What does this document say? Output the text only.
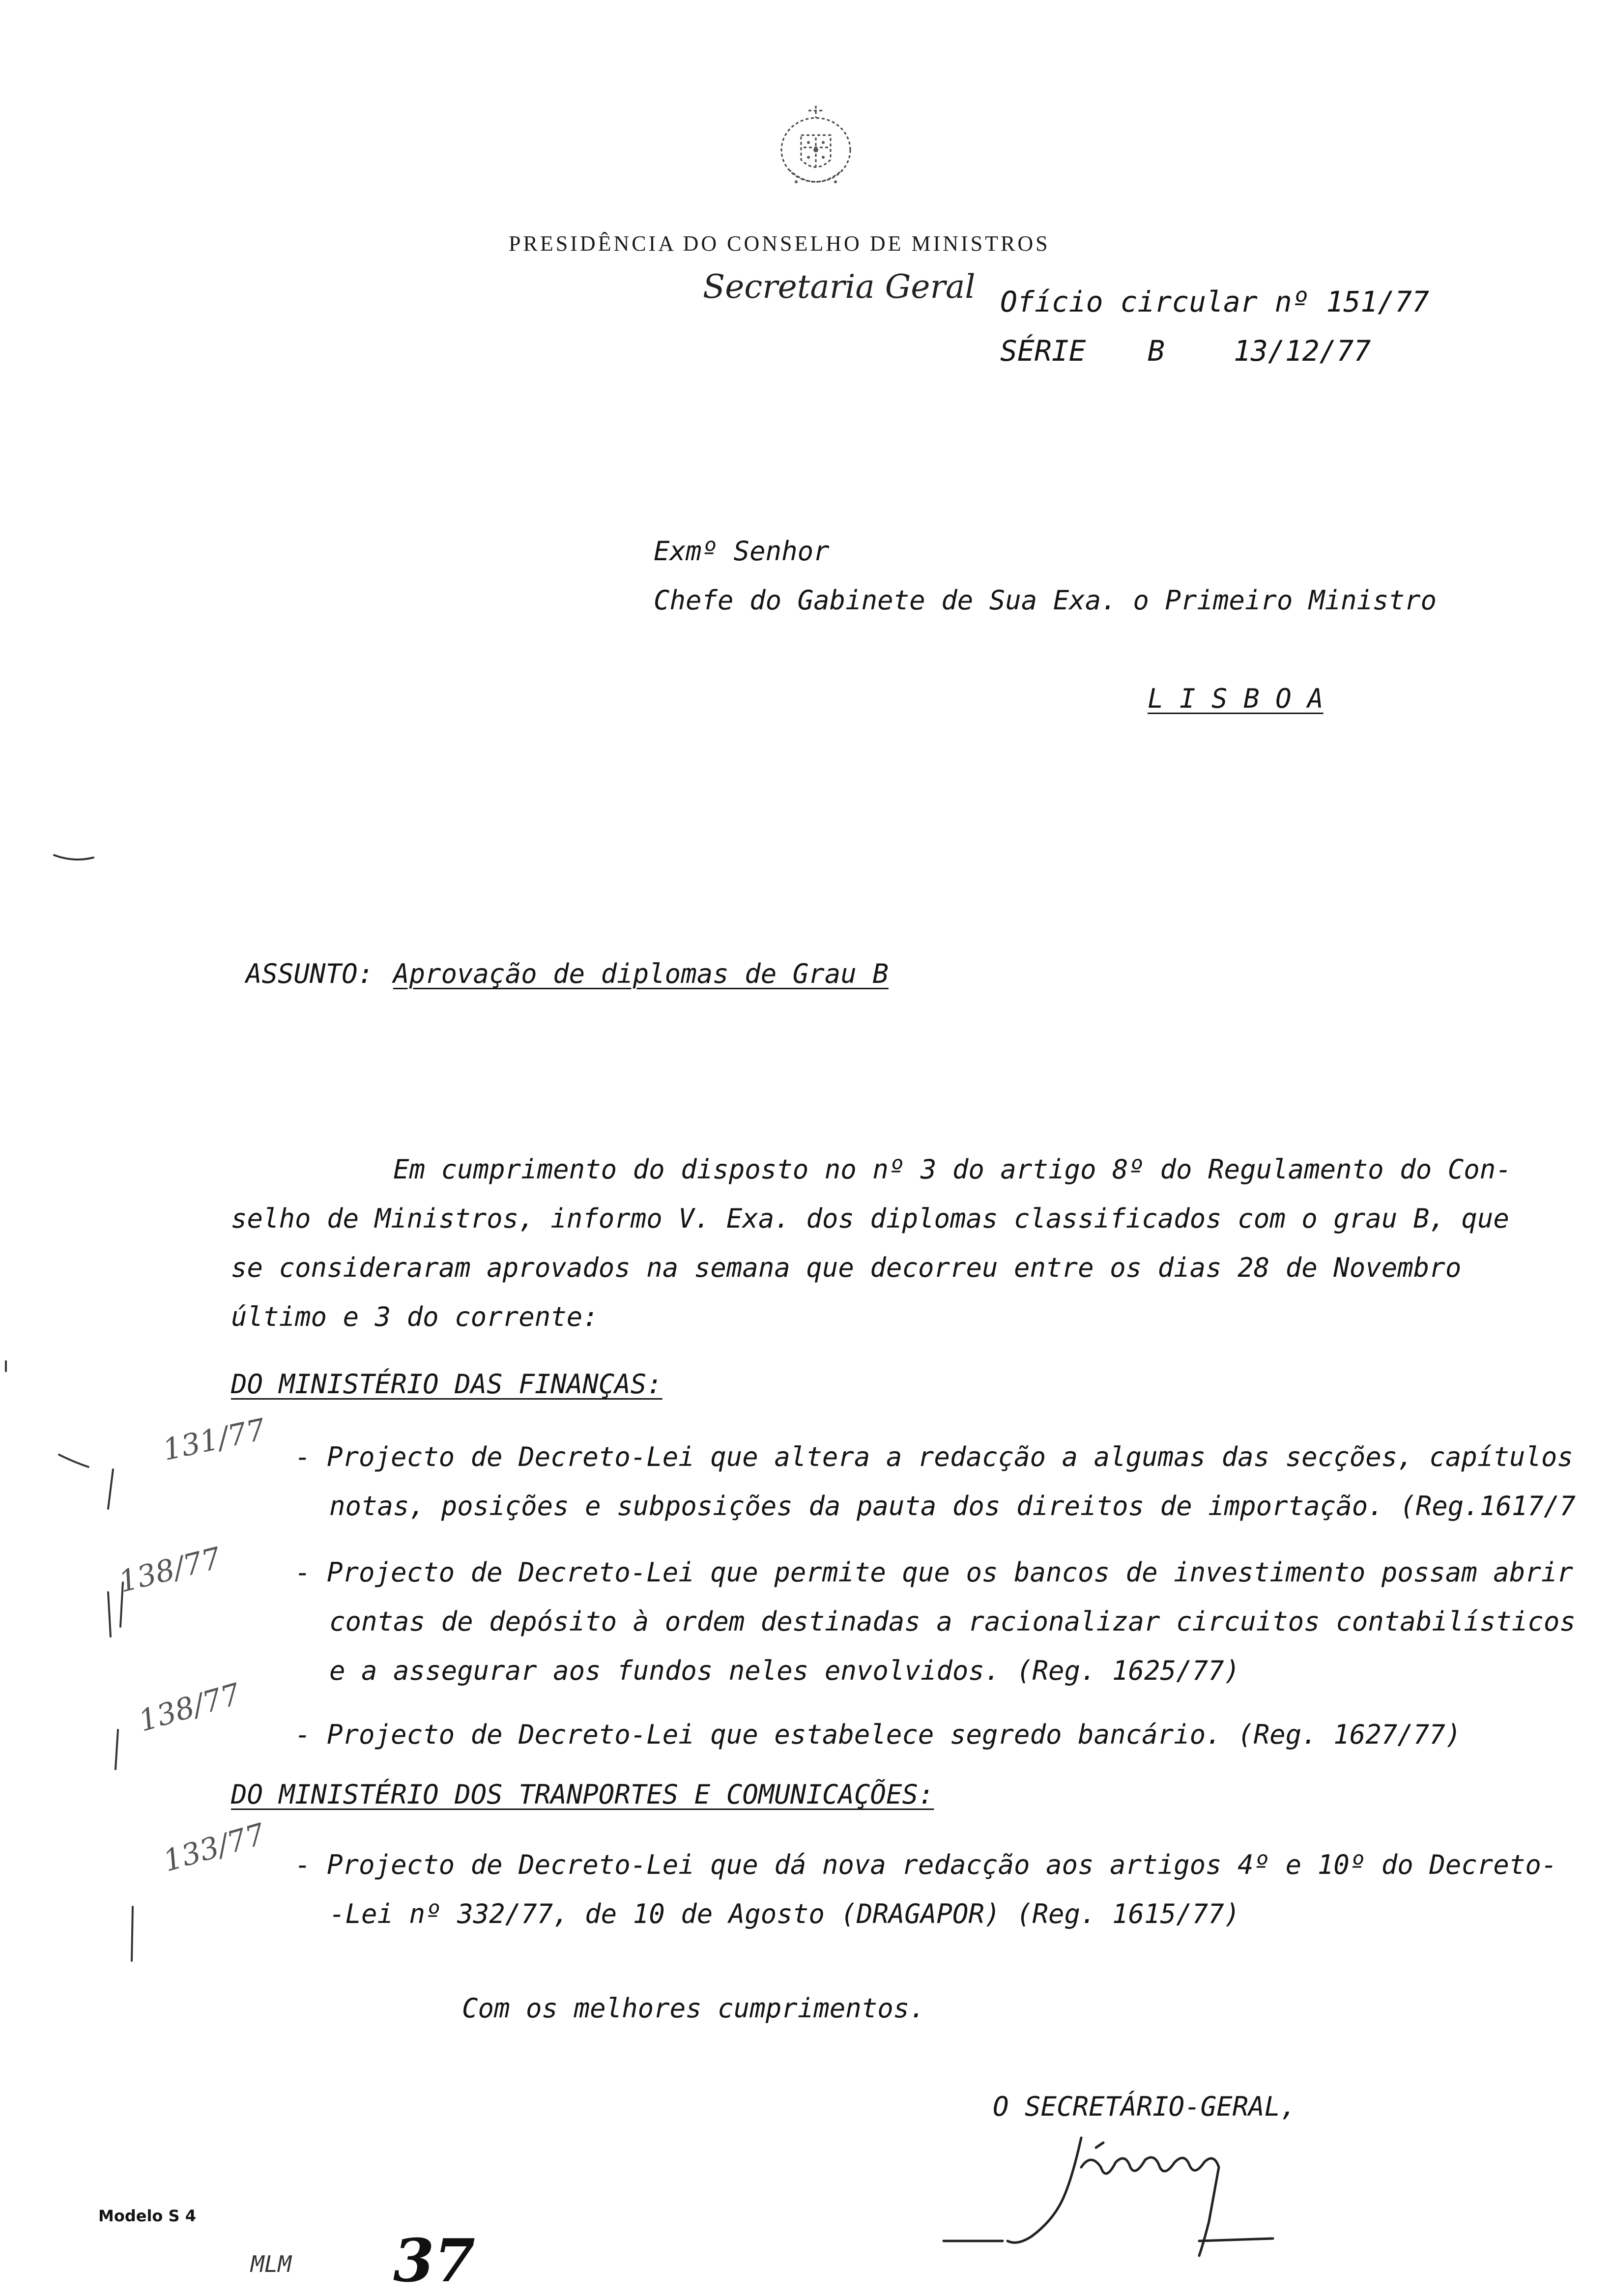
PRESIDÊNCIA DO CONSELHO DE MINISTROS
Secretaria Geral Ofício circular nº 151/77
SÉRIE B 13/12/77
Exmº Senhor
Chefe do Gabinete de Sua Exa. o Primeiro Ministro
L I S B O A
ASSUNTO: Aprovação de diplomas de Grau B
Em cumprimento do disposto no nº 3 do artigo 8º do Regulamento do Con-
selho de Ministros, informo V. Exa. dos diplomas classificados com o grau B, que
se consideraram aprovados na semana que decorreu entre os dias 28 de Novembro
último e 3 do corrente:
DO MINISTÉRIO DAS FINANÇAS:
- Projecto de Decreto-Lei que altera a redacção a algumas das secções, capítulos
notas, posições e subposições da pauta dos direitos de importação. (Reg.1617/7
- Projecto de Decreto-Lei que permite que os bancos de investimento possam abrir
contas de depósito à ordem destinadas a racionalizar circuitos contabilísticos
e a assegurar aos fundos neles envolvidos. (Reg. 1625/77)
- Projecto de Decreto-Lei que estabelece segredo bancário. (Reg. 1627/77)
DO MINISTÉRIO DOS TRANPORTES E COMUNICAÇÕES:
- Projecto de Decreto-Lei que dá nova redacção aos artigos 4º e 10º do Decreto-
-Lei nº 332/77, de 10 de Agosto (DRAGAPOR) (Reg. 1615/77)
131/77
138/77
138/77
133/77
Com os melhores cumprimentos.
O SECRETÁRIO-GERAL,
Modelo S 4
MLM 37
